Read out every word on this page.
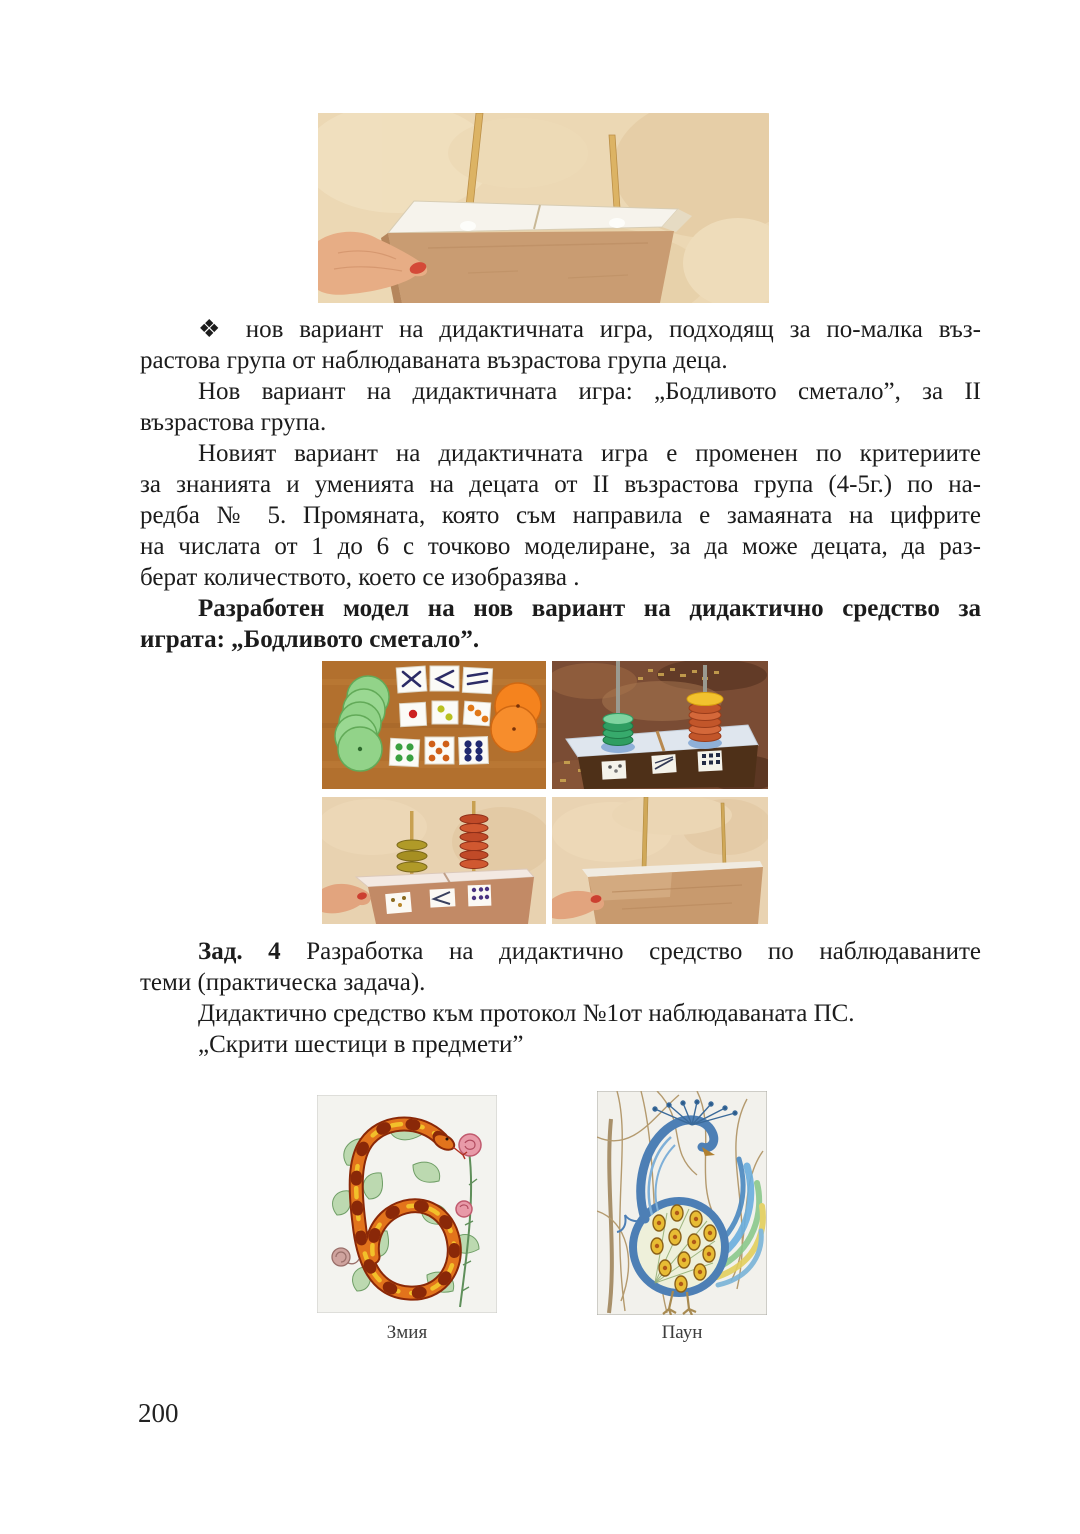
❖ нов вариант на дидактичната игра, подходящ за по-малка въз-
растова група от наблюдаваната възрастова група деца.
Нов вариант на дидактичната игра: „Бодливото сметало”, за II
възрастова група.
Новият вариант на дидактичната игра е променен по критериите
за знанията и уменията на децата от II възрастова група (4-5г.) по на-
редба № 5. Промяната, която съм направила е замаяната на цифрите
на числата от 1 до 6 с точково моделиране, за да може децата, да раз-
берат количеството, което се изобразява .
Разработен модел на нов вариант на дидактично средство за
играта: „Бодливото сметало”.
Зад. 4 Разработка на дидактично средство по наблюдаваните
теми (практическа задача).
Дидактично средство към протокол №1от наблюдаваната ПС.
„Скрити шестици в предмети”
Змия	Паун
200
